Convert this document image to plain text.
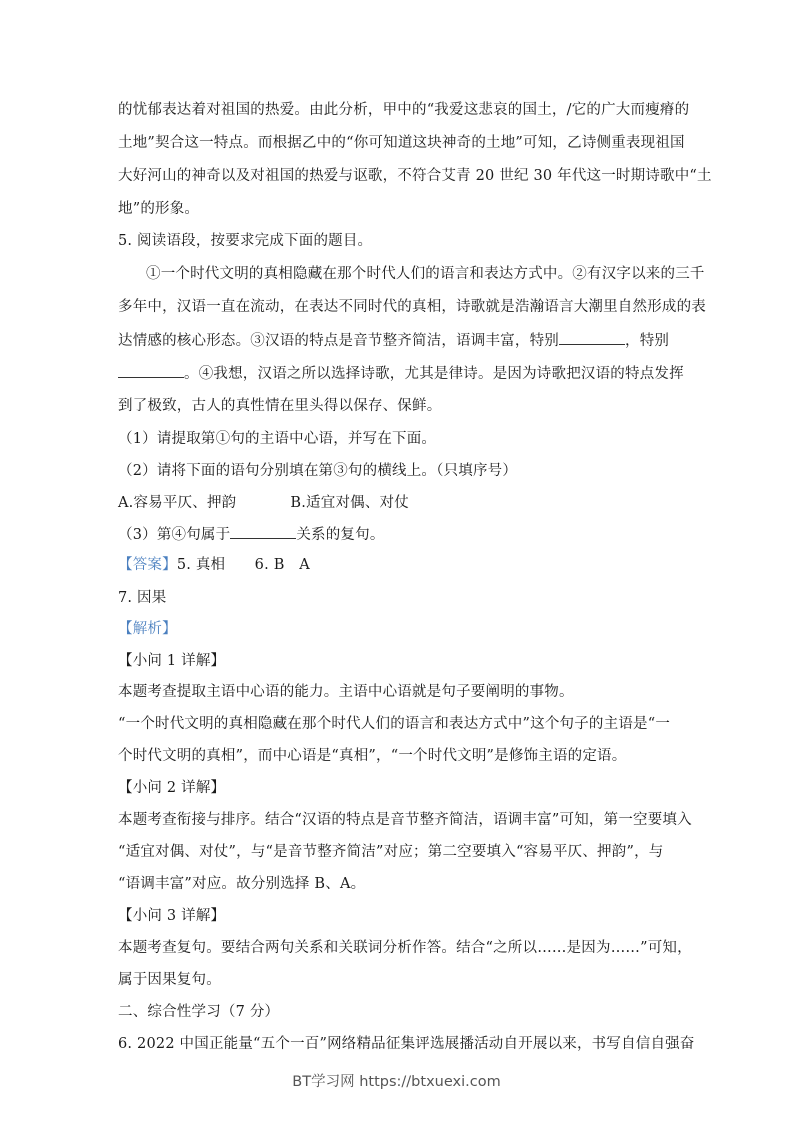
的忧郁表达着对祖国的热爱。由此分析，甲中的“我爱这悲哀的国土，/它的广大而瘦瘠的
土地”契合这一特点。而根据乙中的“你可知道这块神奇的土地”可知，乙诗侧重表现祖国
大好河山的神奇以及对祖国的热爱与讴歌，不符合艾青 20 世纪 30 年代这一时期诗歌中“土
地”的形象。
5. 阅读语段，按要求完成下面的题目。
①一个时代文明的真相隐藏在那个时代人们的语言和表达方式中。②有汉字以来的三千
多年中，汉语一直在流动，在表达不同时代的真相，诗歌就是浩瀚语言大潮里自然形成的表
达情感的核心形态。③汉语的特点是音节整齐简洁，语调丰富，特别	，特别
。④我想，汉语之所以选择诗歌，尤其是律诗。是因为诗歌把汉语的特点发挥
到了极致，古人的真性情在里头得以保存、保鲜。
（1）请提取第①句的主语中心语，并写在下面。
（2）请将下面的语句分别填在第③句的横线上。（只填序号）
A.容易平仄、押韵	B.适宜对偶、对仗
（3）第④句属于	关系的复句。
【答案】5. 真相　　6. B　A
7. 因果
【解析】
【小问 1 详解】
本题考查提取主语中心语的能力。主语中心语就是句子要阐明的事物。
“一个时代文明的真相隐藏在那个时代人们的语言和表达方式中”这个句子的主语是“一
个时代文明的真相”，而中心语是“真相”，“一个时代文明”是修饰主语的定语。
【小问 2 详解】
本题考查衔接与排序。结合“汉语的特点是音节整齐简洁，语调丰富”可知，第一空要填入
“适宜对偶、对仗”，与“是音节整齐简洁”对应；第二空要填入“容易平仄、押韵”，与
“语调丰富”对应。故分别选择 B、A。
【小问 3 详解】
本题考查复句。要结合两句关系和关联词分析作答。结合“之所以……是因为……”可知，
属于因果复句。
二、综合性学习（7 分）
6. 2022 中国正能量“五个一百”网络精品征集评选展播活动自开展以来，书写自信自强奋
BT学习网 https://btxuexi.com
